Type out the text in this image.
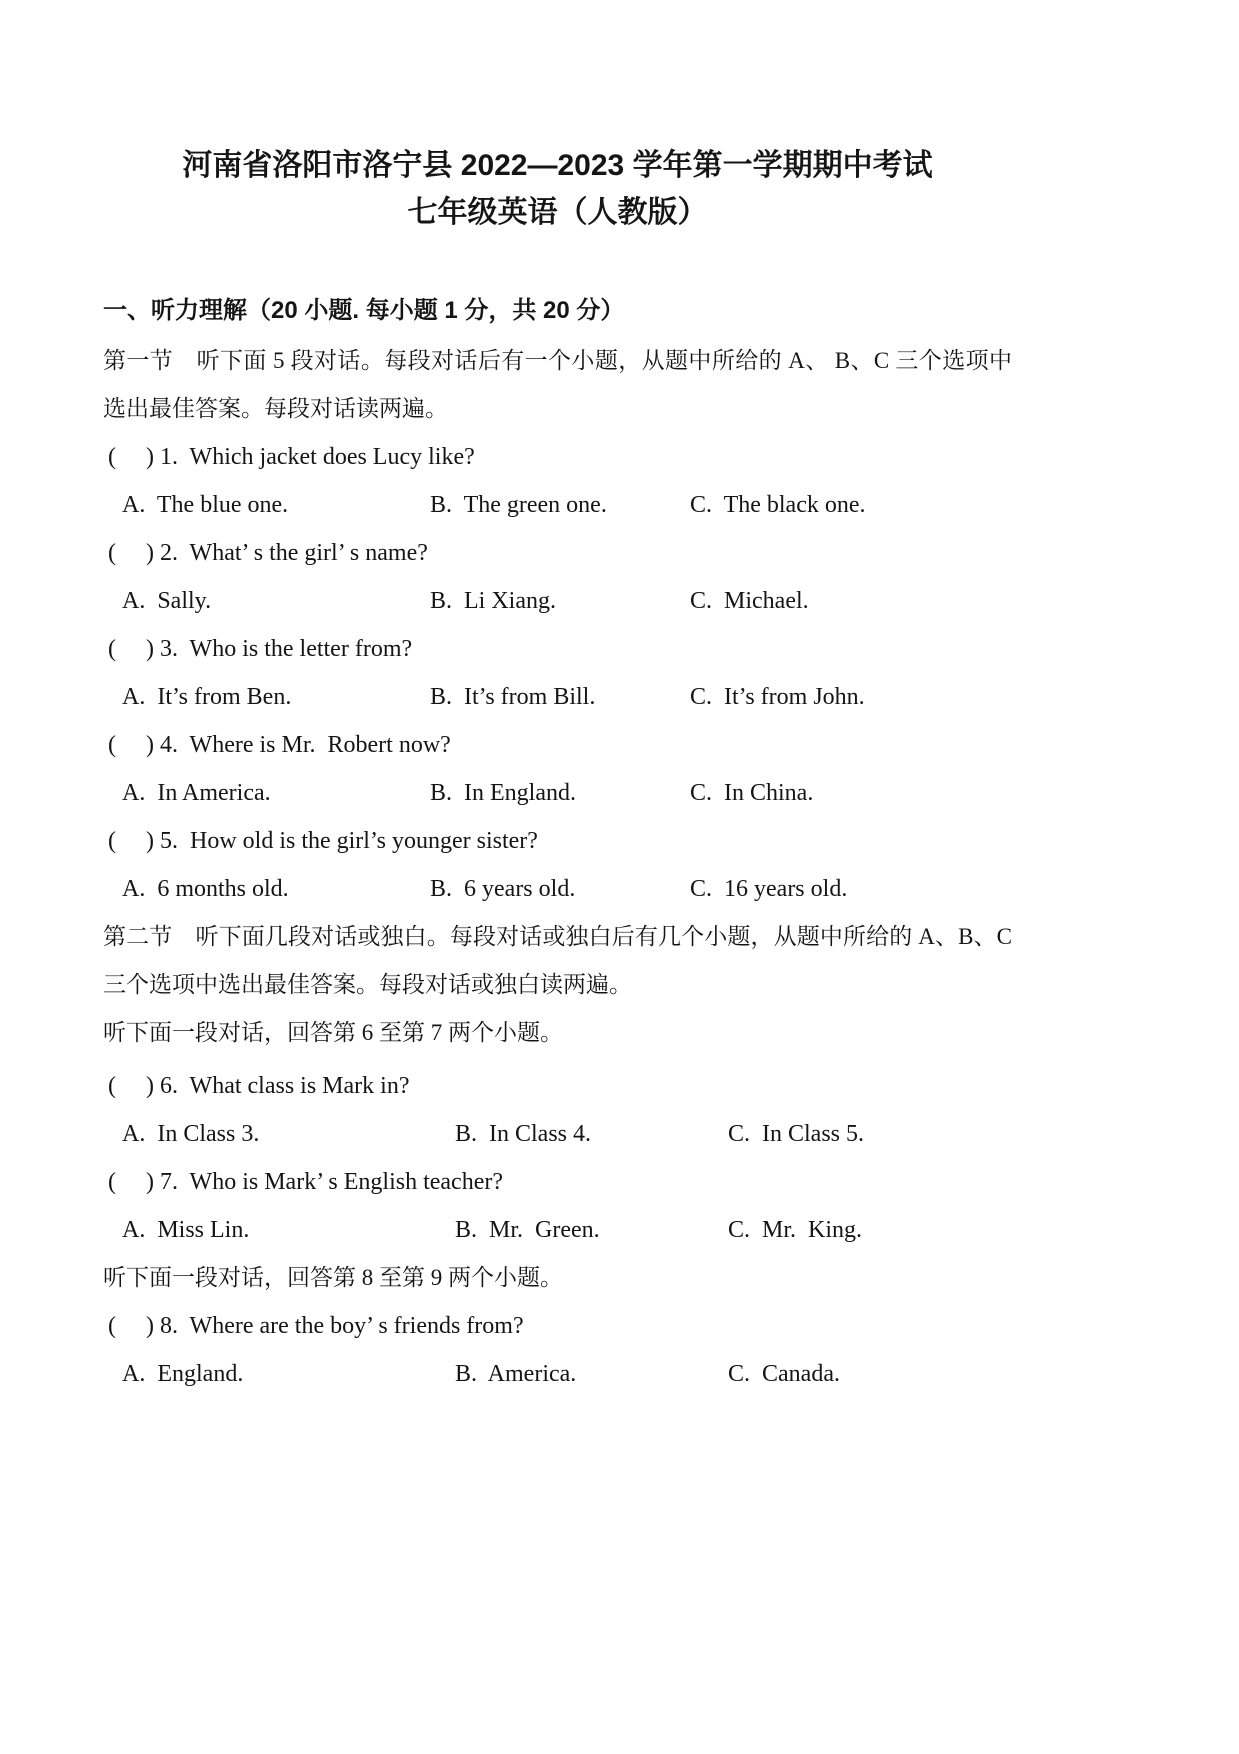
河南省洛阳市洛宁县 2022—2023 学年第一学期期中考试
七年级英语（人教版）
一、听力理解（20 小题. 每小题 1 分，共 20 分）

第一节　听下面 5 段对话。每段对话后有一个小题，从题中所给的 A、 B、C 三个选项中选出最佳答案。每段对话读两遍。

(　 ) 1.  Which jacket does Lucy like?
A.  The blue one.	B.  The green one.	C.  The black one.
(　 ) 2.  What’ s the girl’ s name?
A.  Sally.	B.  Li Xiang.	C.  Michael.
(　 ) 3.  Who is the letter from?
A.  It’s from Ben.	B.  It’s from Bill.	C.  It’s from John.
(　 ) 4.  Where is Mr.  Robert now?
A.  In America.	B.  In England.	C.  In China.
(　 ) 5.  How old is the girl’s younger sister?
A.  6 months old.	B.  6 years old.	C.  16 years old.

第二节　听下面几段对话或独白。每段对话或独白后有几个小题，从题中所给的 A、B、C 三个选项中选出最佳答案。每段对话或独白读两遍。

听下面一段对话，回答第 6 至第 7 两个小题。

(　 ) 6.  What class is Mark in?
A.  In Class 3.	B.  In Class 4.	C.  In Class 5.
(　 ) 7.  Who is Mark’ s English teacher?
A.  Miss Lin.	B.  Mr.  Green.	C.  Mr.  King.

听下面一段对话，回答第 8 至第 9 两个小题。

(　 ) 8.  Where are the boy’ s friends from?
A.  England.	B.  America.	C.  Canada.
